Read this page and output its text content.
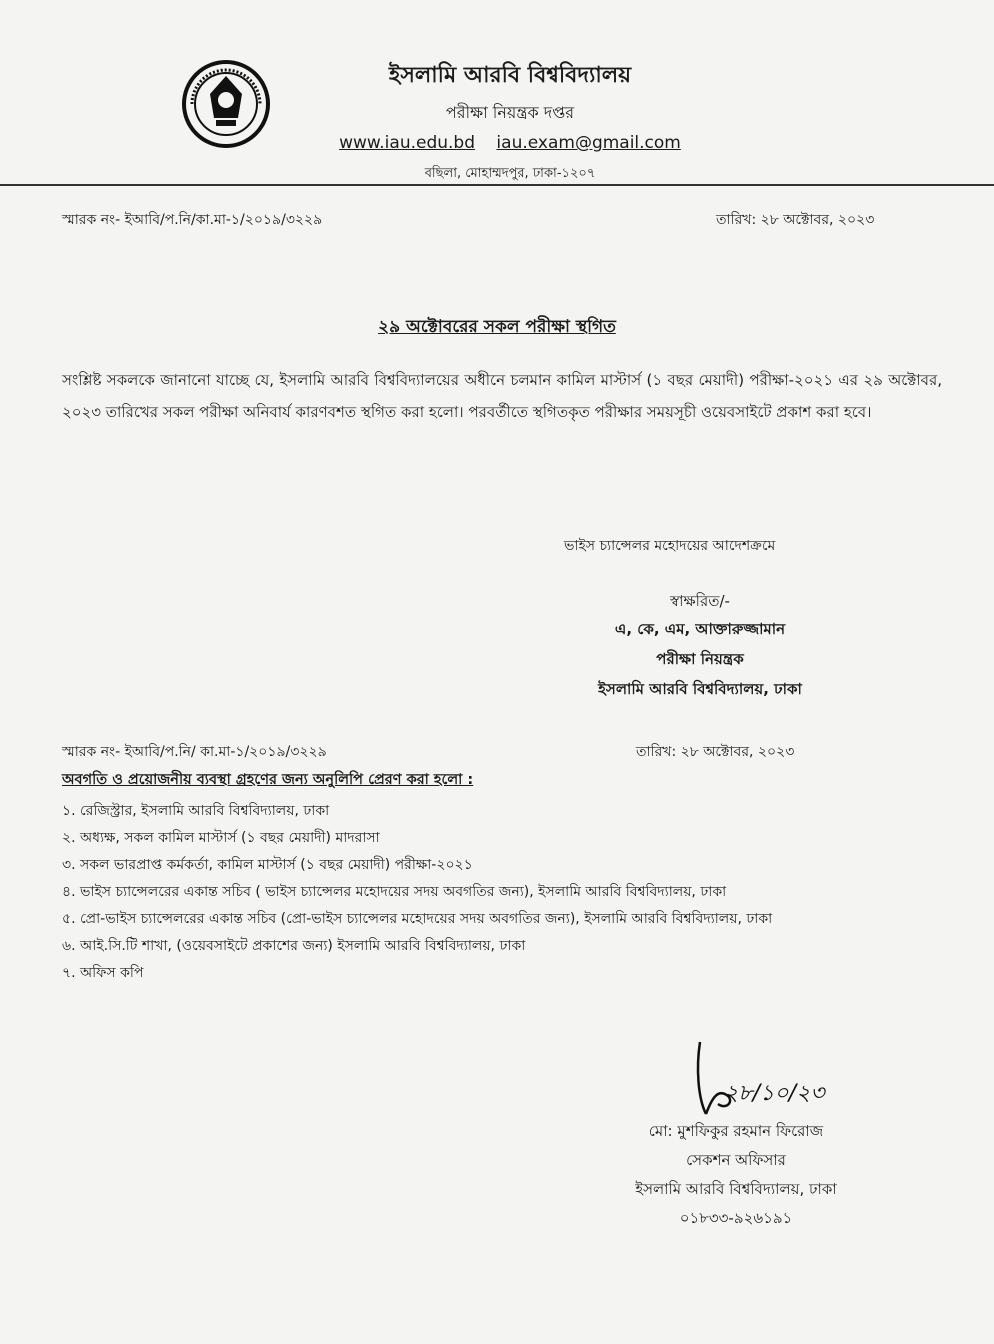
ইসলামি আরবি বিশ্ববিদ্যালয়
পরীক্ষা নিয়ন্ত্রক দপ্তর
www.iau.edu.bd iau.exam@gmail.com
বছিলা, মোহাম্মদপুর, ঢাকা-১২০৭
স্মারক নং- ইআবি/প.নি/কা.মা-১/২০১৯/৩২২৯	তারিখ: ২৮ অক্টোবর, ২০২৩
২৯ অক্টোবরের সকল পরীক্ষা স্থগিত
সংশ্লিষ্ট সকলকে জানানো যাচ্ছে যে, ইসলামি আরবি বিশ্ববিদ্যালয়ের অধীনে চলমান কামিল মাস্টার্স (১ বছর মেয়াদী) পরীক্ষা-২০২১ এর ২৯ অক্টোবর, ২০২৩ তারিখের সকল পরীক্ষা অনিবার্য কারণবশত স্থগিত করা হলো। পরবর্তীতে স্থগিতকৃত পরীক্ষার সময়সূচী ওয়েবসাইটে প্রকাশ করা হবে।
ভাইস চ্যান্সেলর মহোদয়ের আদেশক্রমে
স্বাক্ষরিত/-
এ, কে, এম, আক্তারুজ্জামান
পরীক্ষা নিয়ন্ত্রক
ইসলামি আরবি বিশ্ববিদ্যালয়, ঢাকা
স্মারক নং- ইআবি/প.নি/ কা.মা-১/২০১৯/৩২২৯	তারিখ: ২৮ অক্টোবর, ২০২৩
অবগতি ও প্রয়োজনীয় ব্যবস্থা গ্রহণের জন্য অনুলিপি প্রেরণ করা হলো :
১. রেজিস্ট্রার, ইসলামি আরবি বিশ্ববিদ্যালয়, ঢাকা
২. অধ্যক্ষ, সকল কামিল মাস্টার্স (১ বছর মেয়াদী) মাদরাসা
৩. সকল ভারপ্রাপ্ত কর্মকর্তা, কামিল মাস্টার্স (১ বছর মেয়াদী) পরীক্ষা-২০২১
৪. ভাইস চ্যান্সেলরের একান্ত সচিব ( ভাইস চ্যান্সেলর মহোদয়ের সদয় অবগতির জন্য), ইসলামি আরবি বিশ্ববিদ্যালয়, ঢাকা
৫. প্রো-ভাইস চ্যান্সেলরের একান্ত সচিব (প্রো-ভাইস চ্যান্সেলর মহোদয়ের সদয় অবগতির জন্য), ইসলামি আরবি বিশ্ববিদ্যালয়, ঢাকা
৬. আই.সি.টি শাখা, (ওয়েবসাইটে প্রকাশের জন্য) ইসলামি আরবি বিশ্ববিদ্যালয়, ঢাকা
৭. অফিস কপি
২৮/১০/২৩
মো: মুশফিকুর রহমান ফিরোজ
সেকশন অফিসার
ইসলামি আরবি বিশ্ববিদ্যালয়, ঢাকা
০১৮৩৩-৯২৬১৯১
